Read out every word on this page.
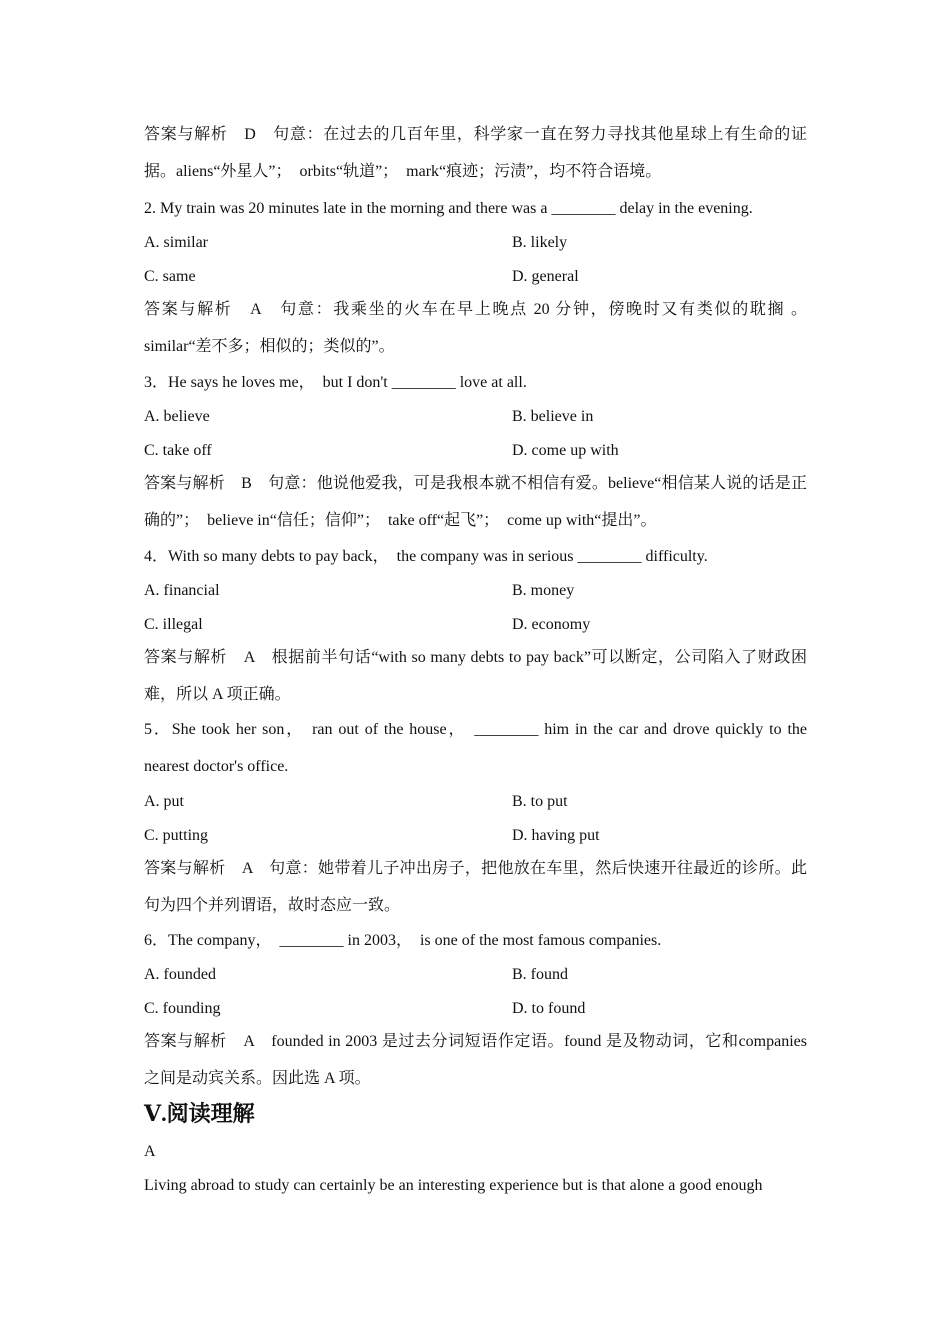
答案与解析　D　句意：在过去的几百年里，科学家一直在努力寻找其他星球上有生命的证据。aliens“外星人”； orbits“轨道”； mark“痕迹；污渍”，均不符合语境。
2. My train was 20 minutes late in the morning and there was a ________ delay in the evening.
A. similar	B. likely
C. same	D. general
答案与解析　A　句意：我乘坐的火车在早上晚点 20 分钟，傍晚时又有类似的耽搁 。similar“差不多；相似的；类似的”。
3．He says he loves me， but I don't ________ love at all.
A. believe	B. believe in
C. take off	D. come up with
答案与解析　B　句意：他说他爱我，可是我根本就不相信有爱。believe“相信某人说的话是正确的”； believe in“信任；信仰”； take off“起飞”； come up with“提出”。
4．With so many debts to pay back， the company was in serious ________ difficulty.
A. financial	B. money
C. illegal	D. economy
答案与解析　A　根据前半句话“with so many debts to pay back”可以断定，公司陷入了财政困难，所以 A 项正确。
5．She took her son， ran out of the house， ________ him in the car and drove quickly to the nearest doctor's office.
A. put	B. to put
C. putting	D. having put
答案与解析　A　句意：她带着儿子冲出房子，把他放在车里，然后快速开往最近的诊所。此句为四个并列谓语，故时态应一致。
6．The company， ________ in 2003， is one of the most famous companies.
A. founded	B. found
C. founding	D. to found
答案与解析　A　founded in 2003 是过去分词短语作定语。found 是及物动词，它和companies 之间是动宾关系。因此选 A 项。
Ⅴ.阅读理解
A
Living abroad to study can certainly be an interesting experience but is that alone a good enough
